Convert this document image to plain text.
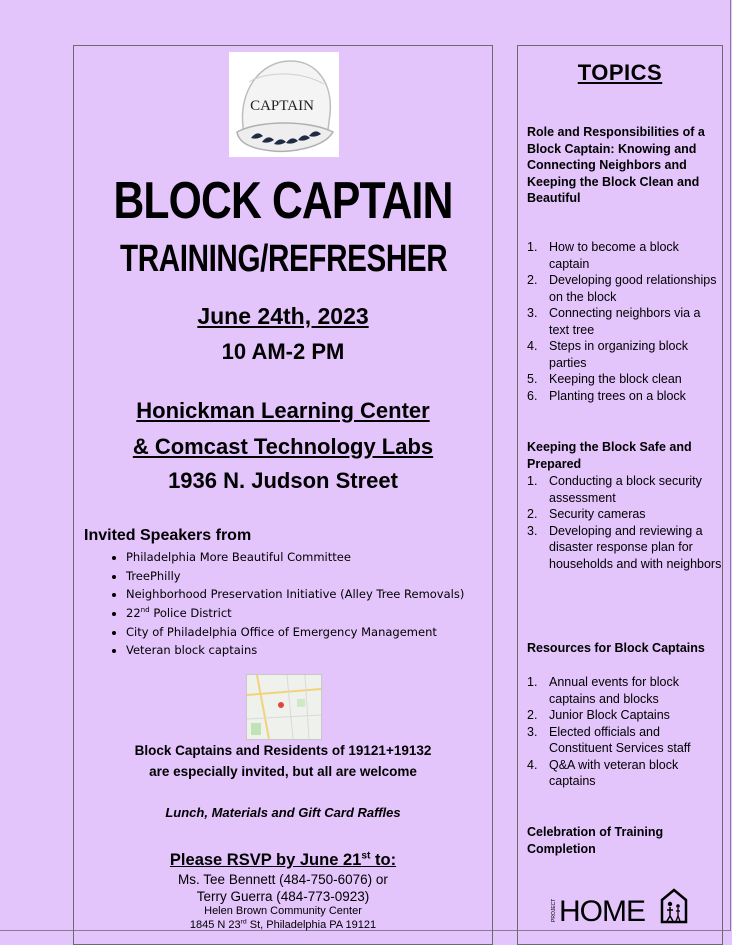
CAPTAIN
BLOCK CAPTAIN
TRAINING/REFRESHER
June 24th, 2023
10 AM-2 PM
Honickman Learning Center
& Comcast Technology Labs
1936 N. Judson Street
Invited Speakers from
• Philadelphia More Beautiful Committee
• TreePhilly
• Neighborhood Preservation Initiative (Alley Tree Removals)
• 22nd Police District
• City of Philadelphia Office of Emergency Management
• Veteran block captains
Block Captains and Residents of 19121+19132
are especially invited, but all are welcome
Lunch, Materials and Gift Card Raffles
Please RSVP by June 21st to:
Ms. Tee Bennett (484-750-6076) or
Terry Guerra (484-773-0923)
Helen Brown Community Center
1845 N 23rd St, Philadelphia PA 19121
TOPICS
Role and Responsibilities of a Block Captain: Knowing and Connecting Neighbors and Keeping the Block Clean and Beautiful
1. How to become a block captain
2. Developing good relationships on the block
3. Connecting neighbors via a text tree
4. Steps in organizing block parties
5. Keeping the block clean
6. Planting trees on a block
Keeping the Block Safe and Prepared
1. Conducting a block security assessment
2. Security cameras
3. Developing and reviewing a disaster response plan for households and with neighbors
Resources for Block Captains
1. Annual events for block captains and blocks
2. Junior Block Captains
3. Elected officials and Constituent Services staff
4. Q&A with veteran block captains
Celebration of Training Completion
PROJECT HOME
